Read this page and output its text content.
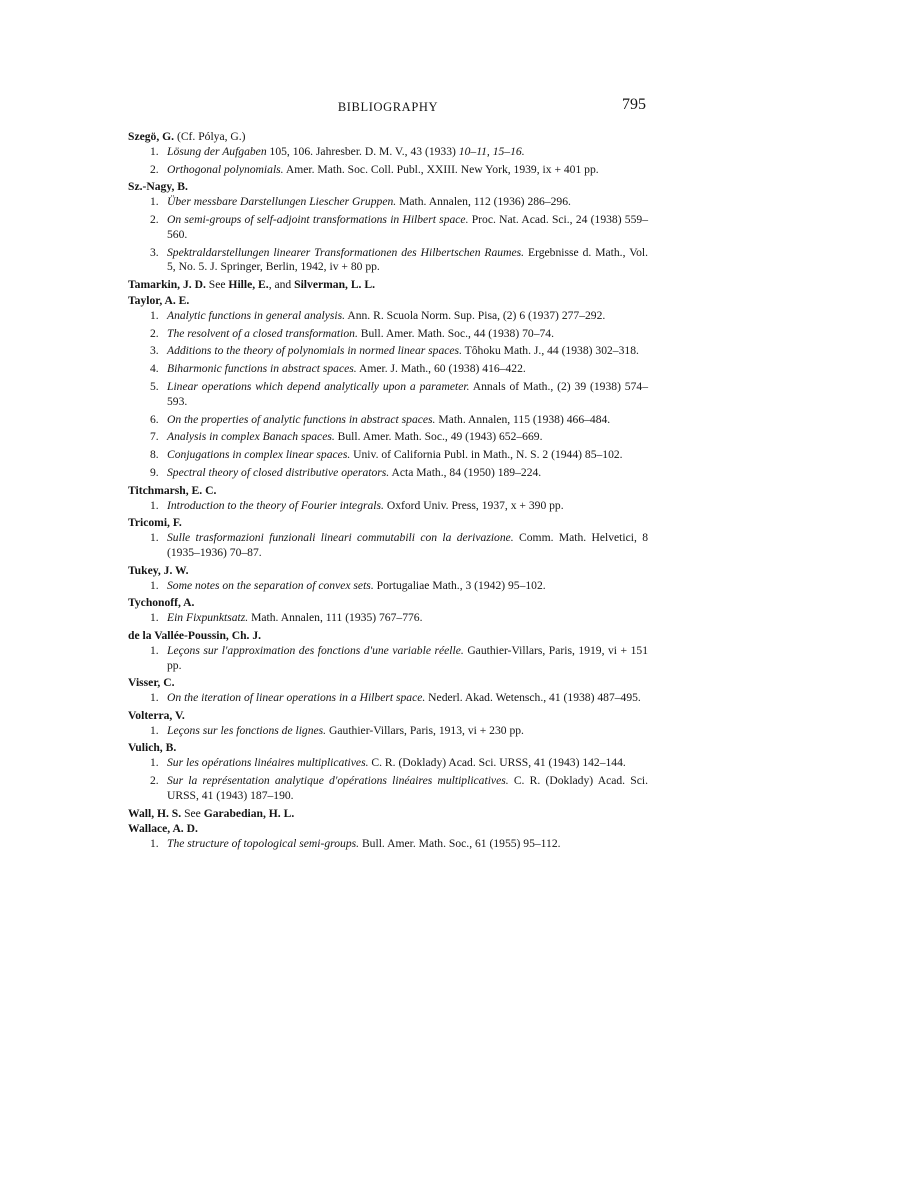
BIBLIOGRAPHY	795
Szegö, G. (Cf. Pólya, G.)
1. Lösung der Aufgaben 105, 106. Jahresber. D. M. V., 43 (1933) 10–11, 15–16.
2. Orthogonal polynomials. Amer. Math. Soc. Coll. Publ., XXIII. New York, 1939, ix + 401 pp.
Sz.-Nagy, B.
1. Über messbare Darstellungen Liescher Gruppen. Math. Annalen, 112 (1936) 286–296.
2. On semi-groups of self-adjoint transformations in Hilbert space. Proc. Nat. Acad. Sci., 24 (1938) 559–560.
3. Spektraldarstellungen linearer Transformationen des Hilbertschen Raumes. Ergebnisse d. Math., Vol. 5, No. 5. J. Springer, Berlin, 1942, iv + 80 pp.
Tamarkin, J. D. See Hille, E., and Silverman, L. L.
Taylor, A. E.
1. Analytic functions in general analysis. Ann. R. Scuola Norm. Sup. Pisa, (2) 6 (1937) 277–292.
2. The resolvent of a closed transformation. Bull. Amer. Math. Soc., 44 (1938) 70–74.
3. Additions to the theory of polynomials in normed linear spaces. Tôhoku Math. J., 44 (1938) 302–318.
4. Biharmonic functions in abstract spaces. Amer. J. Math., 60 (1938) 416–422.
5. Linear operations which depend analytically upon a parameter. Annals of Math., (2) 39 (1938) 574–593.
6. On the properties of analytic functions in abstract spaces. Math. Annalen, 115 (1938) 466–484.
7. Analysis in complex Banach spaces. Bull. Amer. Math. Soc., 49 (1943) 652–669.
8. Conjugations in complex linear spaces. Univ. of California Publ. in Math., N. S. 2 (1944) 85–102.
9. Spectral theory of closed distributive operators. Acta Math., 84 (1950) 189–224.
Titchmarsh, E. C.
1. Introduction to the theory of Fourier integrals. Oxford Univ. Press, 1937, x + 390 pp.
Tricomi, F.
1. Sulle trasformazioni funzionali lineari commutabili con la derivazione. Comm. Math. Helvetici, 8 (1935–1936) 70–87.
Tukey, J. W.
1. Some notes on the separation of convex sets. Portugaliae Math., 3 (1942) 95–102.
Tychonoff, A.
1. Ein Fixpunktsatz. Math. Annalen, 111 (1935) 767–776.
de la Vallée-Poussin, Ch. J.
1. Leçons sur l'approximation des fonctions d'une variable réelle. Gauthier-Villars, Paris, 1919, vi + 151 pp.
Visser, C.
1. On the iteration of linear operations in a Hilbert space. Nederl. Akad. Wetensch., 41 (1938) 487–495.
Volterra, V.
1. Leçons sur les fonctions de lignes. Gauthier-Villars, Paris, 1913, vi + 230 pp.
Vulich, B.
1. Sur les opérations linéaires multiplicatives. C. R. (Doklady) Acad. Sci. URSS, 41 (1943) 142–144.
2. Sur la représentation analytique d'opérations linéaires multiplicatives. C. R. (Doklady) Acad. Sci. URSS, 41 (1943) 187–190.
Wall, H. S. See Garabedian, H. L.
Wallace, A. D.
1. The structure of topological semi-groups. Bull. Amer. Math. Soc., 61 (1955) 95–112.
